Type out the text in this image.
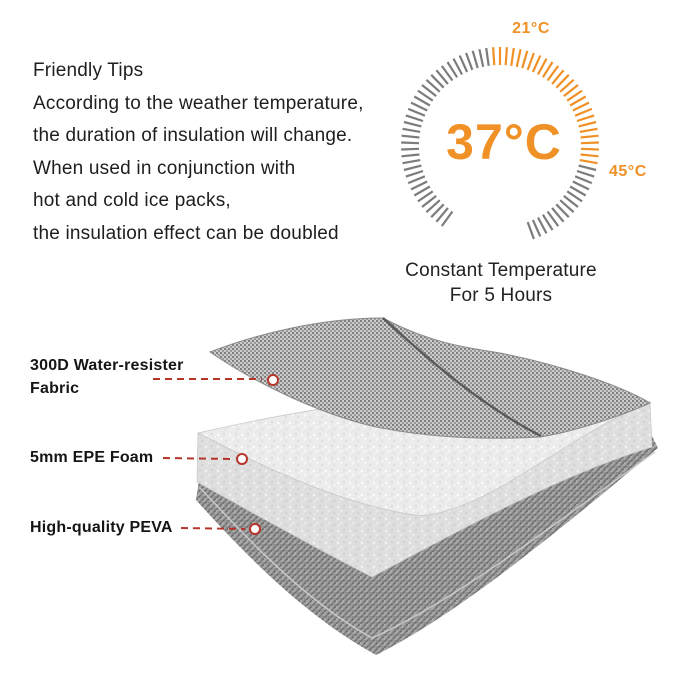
Friendly Tips
According to the weather temperature,
the duration of insulation will change.
When used in conjunction with
hot and cold ice packs,
the insulation effect can be doubled
21°C
45°C
37°C
Constant Temperature
For 5 Hours
300D Water-resister
Fabric
5mm EPE Foam
High-quality PEVA
